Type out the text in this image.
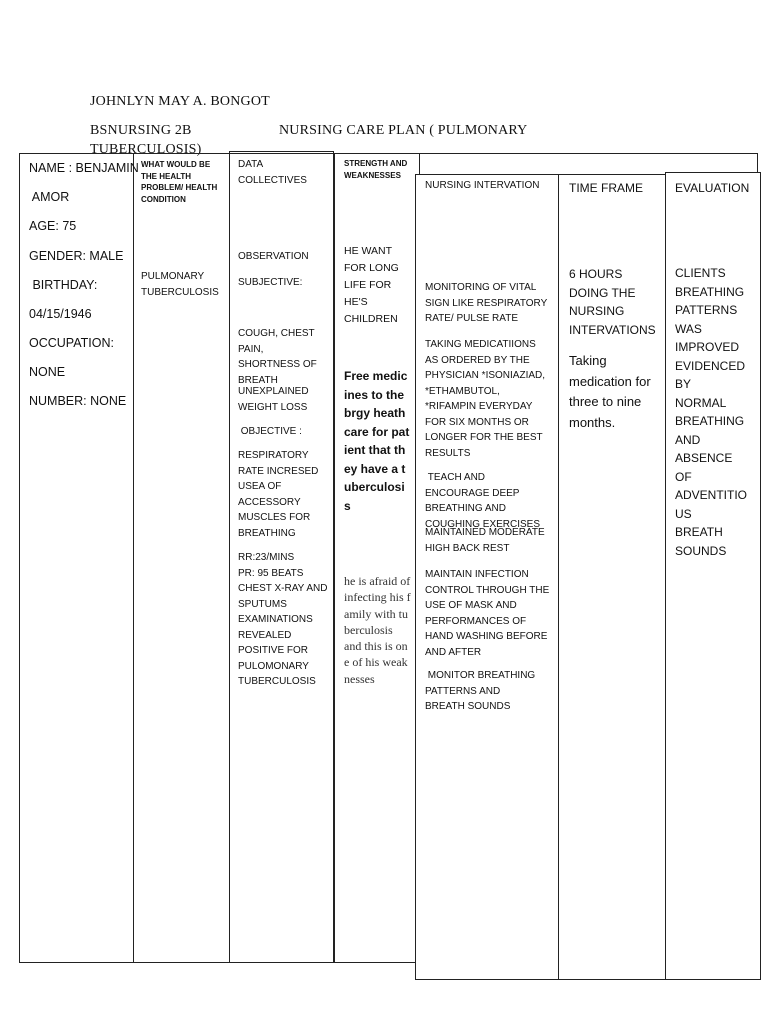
JOHNLYN MAY A. BONGOT
BSNURSING 2B	NURSING CARE PLAN ( PULMONARY
TUBERCULOSIS)
NAME : BENJAMIN
AMOR
AGE: 75
GENDER: MALE
BIRTHDAY:
04/15/1946
OCCUPATION:
NONE
NUMBER: NONE
WHAT WOULD BE THE HEALTH PROBLEM/ HEALTH CONDITION
PULMONARY TUBERCULOSIS
DATA COLLECTIVES
OBSERVATION
SUBJECTIVE:
COUGH, CHEST PAIN, SHORTNESS OF BREATH
UNEXPLAINED WEIGHT LOSS
OBJECTIVE :
RESPIRATORY RATE INCRESED USEA OF ACCESSORY MUSCLES FOR BREATHING
RR:23/MINS
PR: 95 BEATS CHEST X-RAY AND SPUTUMS EXAMINATIONS REVEALED POSITIVE FOR PULOMONARY TUBERCULOSIS
STRENGTH AND WEAKNESSES
HE WANT FOR LONG LIFE FOR HE'S CHILDREN
Free medicines to the brgy heath care for patient that they have a tuberculosis
he is afraid of infecting his family with tuberculosis
and this is one of his weaknesses
NURSING INTERVATION
MONITORING OF VITAL SIGN LIKE RESPIRATORY RATE/ PULSE RATE
TAKING MEDICATIIONS AS ORDERED BY THE PHYSICIAN *ISONIAZIAD, *ETHAMBUTOL, *RIFAMPIN EVERYDAY FOR SIX MONTHS OR LONGER FOR THE BEST RESULTS
TEACH AND ENCOURAGE DEEP BREATHING AND COUGHING EXERCISES
MAINTAINED MODERATE HIGH BACK REST
MAINTAIN INFECTION CONTROL THROUGH THE USE OF MASK AND PERFORMANCES OF HAND WASHING BEFORE AND AFTER
MONITOR BREATHING PATTERNS AND BREATH SOUNDS
TIME FRAME
6 HOURS DOING THE NURSING INTERVATIONS
Taking medication for three to nine months.
EVALUATION
CLIENTS BREATHING PATTERNS WAS IMPROVED EVIDENCED BY NORMAL BREATHING AND ABSENCE OF ADVENTITIO US BREATH SOUNDS
